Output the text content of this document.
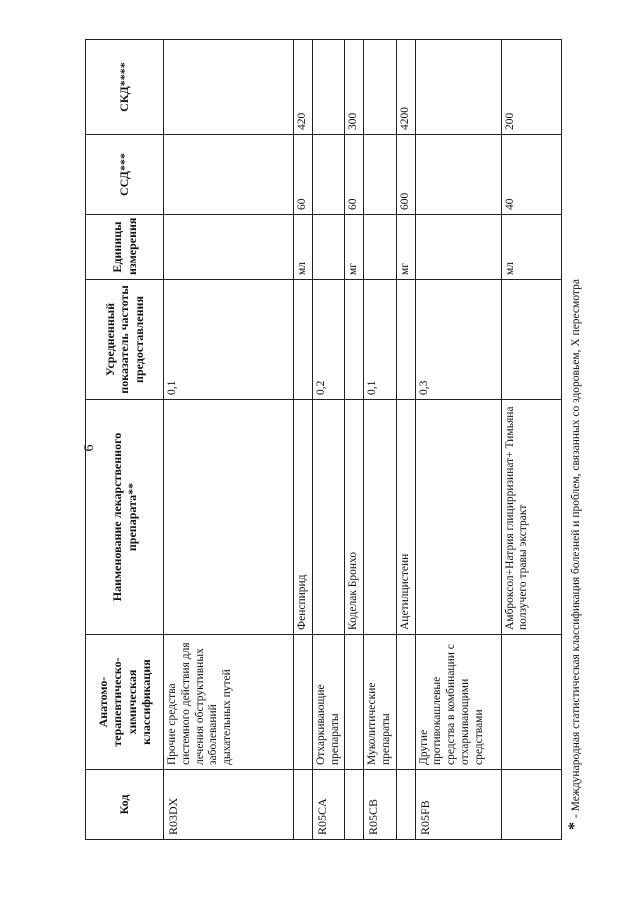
6
Код	Анатомо-терапевтическо-химическая классификация	Наименование лекарственного препарата**	Усредненный показатель частоты предоставления	Единицы измерения	ССД***	СКД****
R03DX	Прочие средства системного действия для лечения обструктивных заболеваний дыхательных путей		0,1			
		Фенспирид		мл	60	420
R05CA	Отхаркивающие препараты		0,2			
		Коделак Бронхо		мг	60	300
R05CB	Муколитические препараты		0,1			
		Ацетилцистеин		мг	600	4200
R05FB	Другие противокашлевые средства в комбинации с отхаркивающими средствами		0,3			
		Амброксол+Натрия глицирризинат+ Тимьяна ползучего травы экстракт		мл	40	200
*- Международная статистическая классификация болезней и проблем, связанных со здоровьем, X пересмотра
